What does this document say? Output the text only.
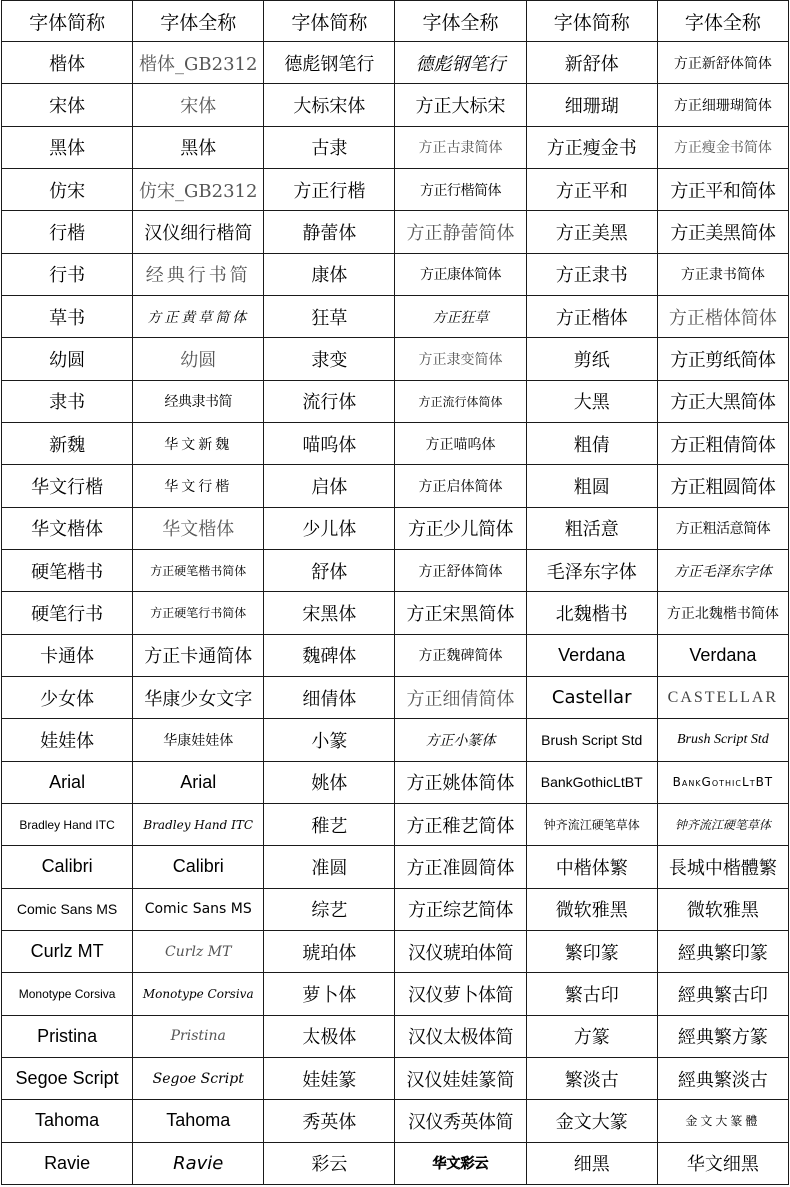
字体简称	字体全称	字体简称	字体全称	字体简称	字体全称
楷体	楷体_GB2312	德彪钢笔行	德彪钢笔行	新舒体	方正新舒体简体
宋体	宋体	大标宋体	方正大标宋	细珊瑚	方正细珊瑚简体
黑体	黑体	古隶	方正古隶简体	方正瘦金书	方正瘦金书简体
仿宋	仿宋_GB2312	方正行楷	方正行楷简体	方正平和	方正平和简体
行楷	汉仪细行楷简	静蕾体	方正静蕾简体	方正美黑	方正美黑简体
行书	经典行书简	康体	方正康体简体	方正隶书	方正隶书简体
草书	方正黄草简体	狂草	方正狂草	方正楷体	方正楷体简体
幼圆	幼圆	隶变	方正隶变简体	剪纸	方正剪纸简体
隶书	经典隶书简	流行体	方正流行体简体	大黑	方正大黑简体
新魏	华文新魏	喵呜体	方正喵呜体	粗倩	方正粗倩简体
华文行楷	华文行楷	启体	方正启体简体	粗圆	方正粗圆简体
华文楷体	华文楷体	少儿体	方正少儿简体	粗活意	方正粗活意简体
硬笔楷书	方正硬笔楷书简体	舒体	方正舒体简体	毛泽东字体	方正毛泽东字体
硬笔行书	方正硬笔行书简体	宋黑体	方正宋黑简体	北魏楷书	方正北魏楷书简体
卡通体	方正卡通简体	魏碑体	方正魏碑简体	Verdana	Verdana
少女体	华康少女文字	细倩体	方正细倩简体	Castellar	CASTELLAR
娃娃体	华康娃娃体	小篆	方正小篆体	Brush Script Std	Brush Script Std
Arial	Arial	姚体	方正姚体简体	BankGothicLtBT	BankGothicLtBT
Bradley Hand ITC	Bradley Hand ITC	稚艺	方正稚艺简体	钟齐流江硬笔草体	钟齐流江硬笔草体
Calibri	Calibri	准圆	方正准圆简体	中楷体繁	長城中楷體繁
Comic Sans MS	Comic Sans MS	综艺	方正综艺简体	微软雅黑	微软雅黑
Curlz MT	Curlz MT	琥珀体	汉仪琥珀体简	繁印篆	經典繁印篆
Monotype Corsiva	Monotype Corsiva	萝卜体	汉仪萝卜体简	繁古印	經典繁古印
Pristina	Pristina	太极体	汉仪太极体简	方篆	經典繁方篆
Segoe Script	Segoe Script	娃娃篆	汉仪娃娃篆简	繁淡古	經典繁淡古
Tahoma	Tahoma	秀英体	汉仪秀英体简	金文大篆	金文大篆體
Ravie	Ravie	彩云	华文彩云	细黑	华文细黑
